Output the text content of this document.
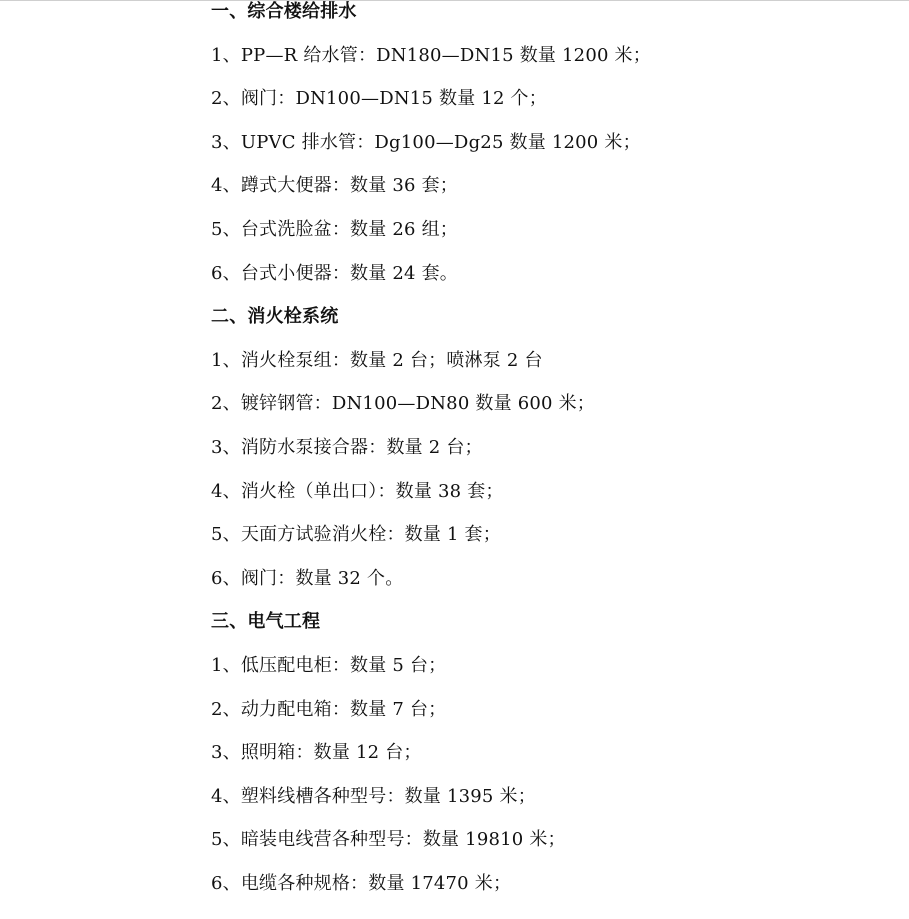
一、综合楼给排水
1、PP—R 给水管：DN180—DN15 数量 1200 米；
2、阀门：DN100—DN15 数量 12 个；
3、UPVC 排水管：Dg100—Dg25 数量 1200 米；
4、蹲式大便器：数量 36 套；
5、台式洗脸盆：数量 26 组；
6、台式小便器：数量 24 套。
二、消火栓系统
1、消火栓泵组：数量 2 台；喷淋泵 2 台
2、镀锌钢管：DN100—DN80 数量 600 米；
3、消防水泵接合器：数量 2 台；
4、消火栓（单出口）：数量 38 套；
5、天面方试验消火栓：数量 1 套；
6、阀门：数量 32 个。
三、电气工程
1、低压配电柜：数量 5 台；
2、动力配电箱：数量 7 台；
3、照明箱：数量 12 台；
4、塑料线槽各种型号：数量 1395 米；
5、暗装电线营各种型号：数量 19810 米；
6、电缆各种规格：数量 17470 米；
